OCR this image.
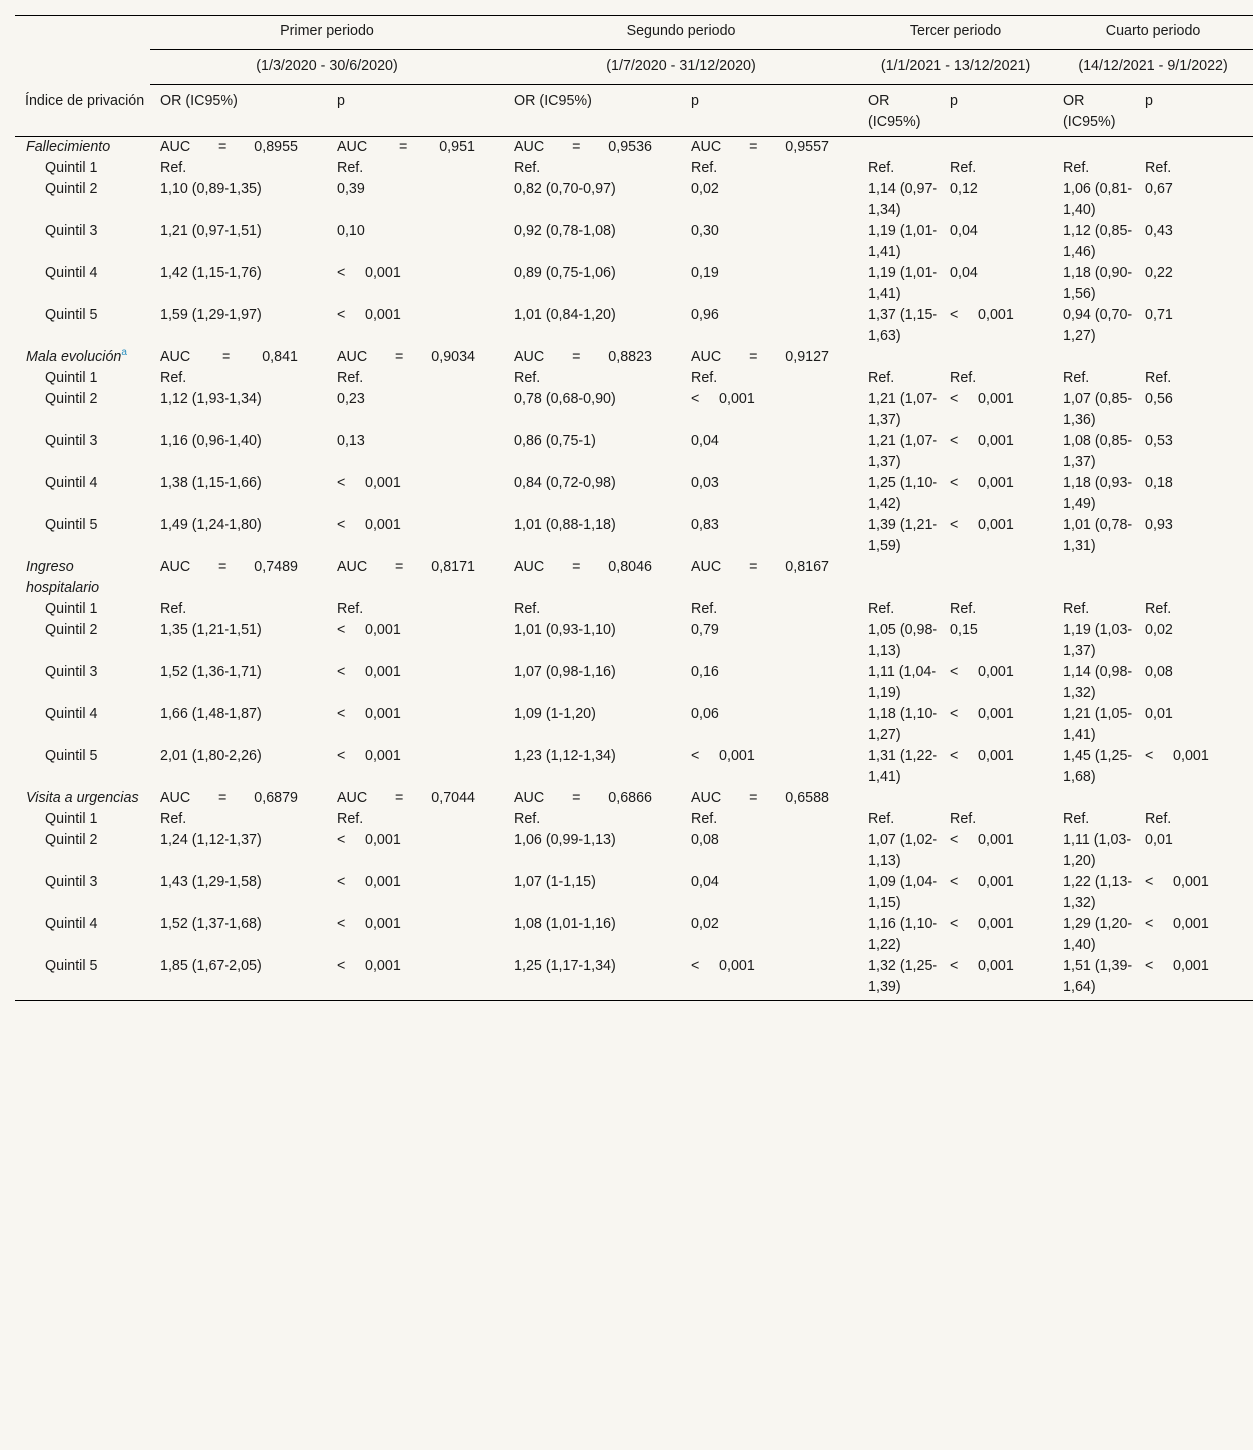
	Primer periodo		Segundo periodo		Tercer periodo		Cuarto periodo	
	(1/3/2020 - 30/6/2020)		(1/7/2020 - 31/12/2020)		(1/1/2021 - 13/12/2021)		(14/12/2021 - 9/1/2022)	
Índice de privación	OR (IC95%)	p	OR (IC95%)	p	OR (IC95%)	p	OR (IC95%)	p
Fallecimiento	AUC = 0,8955	AUC = 0,951	AUC = 0,9536	AUC = 0,9557				

Quintil 1	Ref.	Ref.	Ref.	Ref.	Ref.	Ref.	Ref.	Ref.
Quintil 2	1,10 (0,89-1,35)	0,39	0,82 (0,70-0,97)	0,02	1,14 (0,97-1,34)	0,12	1,06 (0,81-1,40)	0,67
Quintil 3	1,21 (0,97-1,51)	0,10	0,92 (0,78-1,08)	0,30	1,19 (1,01-1,41)	0,04	1,12 (0,85-1,46)	0,43
Quintil 4	1,42 (1,15-1,76)	< 0,001	0,89 (0,75-1,06)	0,19	1,19 (1,01-1,41)	0,04	1,18 (0,90-1,56)	0,22
Quintil 5	1,59 (1,29-1,97)	< 0,001	1,01 (0,84-1,20)	0,96	1,37 (1,15-1,63)	< 0,001	0,94 (0,70-1,27)	0,71
Mala evolución$^a$	AUC = 0,841	AUC = 0,9034	AUC = 0,8823	AUC = 0,9127				

Quintil 1	Ref.	Ref.	Ref.	Ref.	Ref.	Ref.	Ref.	Ref.
Quintil 2	1,12 (1,93-1,34)	0,23	0,78 (0,68-0,90)	< 0,001	1,21 (1,07-1,37)	< 0,001	1,07 (0,85-1,36)	0,56
Quintil 3	1,16 (0,96-1,40)	0,13	0,86 (0,75-1)	0,04	1,21 (1,07-1,37)	< 0,001	1,08 (0,85-1,37)	0,53
Quintil 4	1,38 (1,15-1,66)	< 0,001	0,84 (0,72-0,98)	0,03	1,25 (1,10-1,42)	< 0,001	1,18 (0,93-1,49)	0,18
Quintil 5	1,49 (1,24-1,80)	< 0,001	1,01 (0,88-1,18)	0,83	1,39 (1,21-1,59)	< 0,001	1,01 (0,78-1,31)	0,93
Ingreso hospitalario	AUC = 0,7489	AUC = 0,8171	AUC = 0,8046	AUC = 0,8167				

Quintil 1	Ref.	Ref.	Ref.	Ref.	Ref.	Ref.	Ref.	Ref.
Quintil 2	1,35 (1,21-1,51)	< 0,001	1,01 (0,93-1,10)	0,79	1,05 (0,98-1,13)	0,15	1,19 (1,03-1,37)	0,02
Quintil 3	1,52 (1,36-1,71)	< 0,001	1,07 (0,98-1,16)	0,16	1,11 (1,04-1,19)	< 0,001	1,14 (0,98-1,32)	0,08
Quintil 4	1,66 (1,48-1,87)	< 0,001	1,09 (1-1,20)	0,06	1,18 (1,10-1,27)	< 0,001	1,21 (1,05-1,41)	0,01
Quintil 5	2,01 (1,80-2,26)	< 0,001	1,23 (1,12-1,34)	< 0,001	1,31 (1,22-1,41)	< 0,001	1,45 (1,25-1,68)	< 0,001
Visita a urgencias	AUC = 0,6879	AUC = 0,7044	AUC = 0,6866	AUC = 0,6588				

Quintil 1	Ref.	Ref.	Ref.	Ref.	Ref.	Ref.	Ref.	Ref.
Quintil 2	1,24 (1,12-1,37)	< 0,001	1,06 (0,99-1,13)	0,08	1,07 (1,02-1,13)	< 0,001	1,11 (1,03-1,20)	0,01
Quintil 3	1,43 (1,29-1,58)	< 0,001	1,07 (1-1,15)	0,04	1,09 (1,04-1,15)	< 0,001	1,22 (1,13-1,32)	< 0,001
Quintil 4	1,52 (1,37-1,68)	< 0,001	1,08 (1,01-1,16)	0,02	1,16 (1,10-1,22)	< 0,001	1,29 (1,20-1,40)	< 0,001
Quintil 5	1,85 (1,67-2,05)	< 0,001	1,25 (1,17-1,34)	< 0,001	1,32 (1,25-1,39)	< 0,001	1,51 (1,39-1,64)	< 0,001
